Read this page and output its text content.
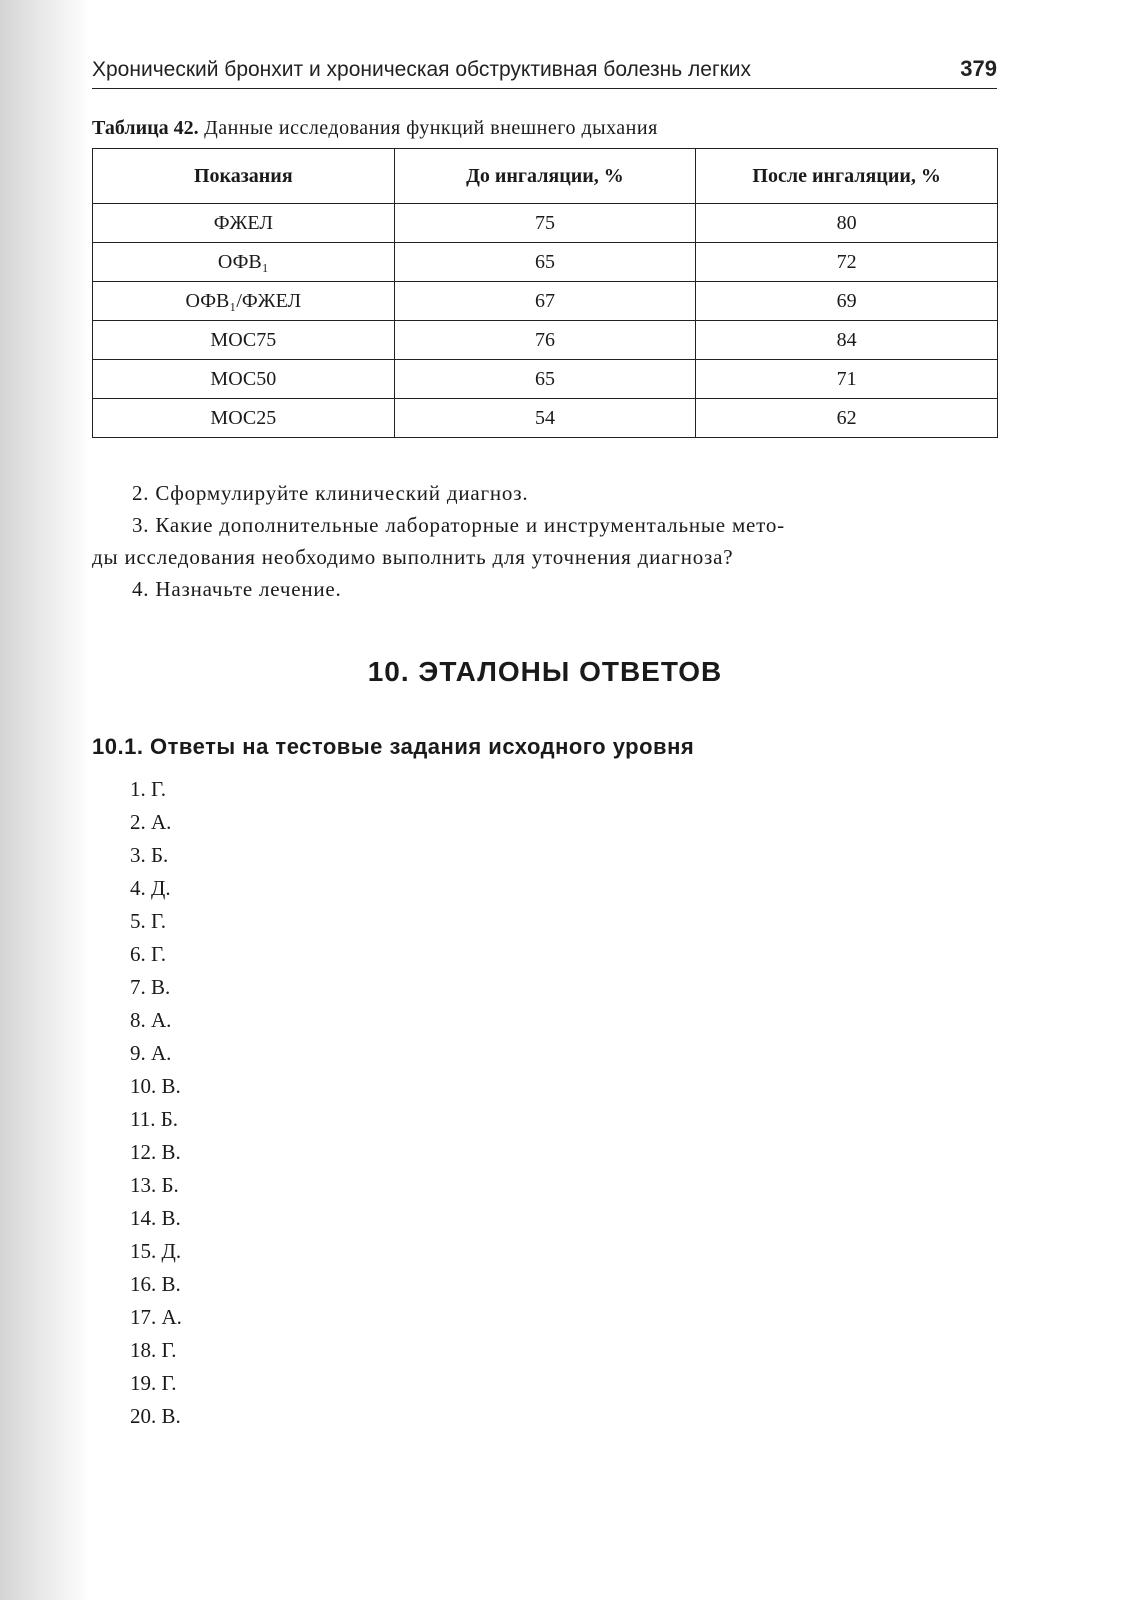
Хронический бронхит и хроническая обструктивная болезнь легких	379
Таблица 42. Данные исследования функций внешнего дыхания
Показания	До ингаляции, %	После ингаляции, %
ФЖЕЛ	75	80
ОФВ₁	65	72
ОФВ₁/ФЖЕЛ	67	69
МОС75	76	84
МОС50	65	71
МОС25	54	62
2. Сформулируйте клинический диагноз.
3. Какие дополнительные лабораторные и инструментальные мето-
ды исследования необходимо выполнить для уточнения диагноза?
4. Назначьте лечение.
10. ЭТАЛОНЫ ОТВЕТОВ
10.1. Ответы на тестовые задания исходного уровня
1. Г.
2. А.
3. Б.
4. Д.
5. Г.
6. Г.
7. В.
8. А.
9. А.
10. В.
11. Б.
12. В.
13. Б.
14. В.
15. Д.
16. В.
17. А.
18. Г.
19. Г.
20. В.
